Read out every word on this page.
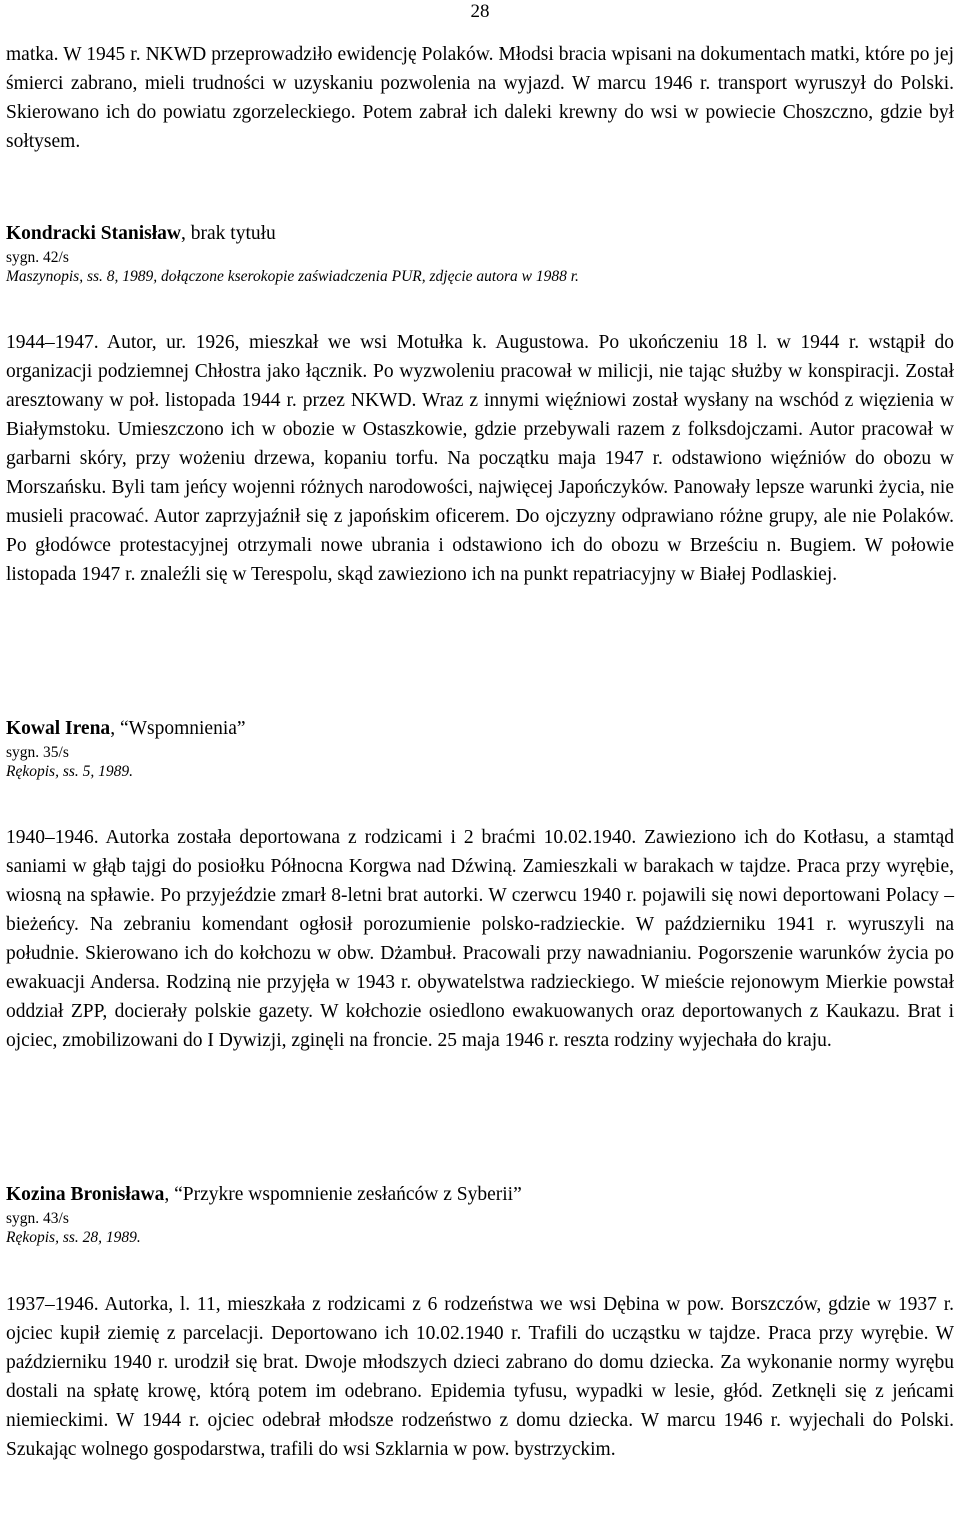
28

matka. W 1945 r. NKWD przeprowadziło ewidencję Polaków. Młodsi bracia wpisani na dokumentach matki, które po jej śmierci zabrano, mieli trudności w uzyskaniu pozwolenia na wyjazd. W marcu 1946 r. transport wyruszył do Polski. Skierowano ich do powiatu zgorzeleckiego. Potem zabrał ich daleki krewny do wsi w powiecie Choszczno, gdzie był sołtysem.

Kondracki Stanisław, brak tytułu

sygn. 42/s

Maszynopis, ss. 8, 1989, dołączone kserokopie zaświadczenia PUR, zdjęcie autora w 1988 r.

1944–1947. Autor, ur. 1926, mieszkał we wsi Motułka k. Augustowa. Po ukończeniu 18 l. w 1944 r. wstąpił do organizacji podziemnej Chłostra jako łącznik. Po wyzwoleniu pracował w milicji, nie tając służby w konspiracji. Został aresztowany w poł. listopada 1944 r. przez NKWD. Wraz z innymi więźniowi został wysłany na wschód z więzienia w Białymstoku. Umieszczono ich w obozie w Ostaszkowie, gdzie przebywali razem z folksdojczami. Autor pracował w garbarni skóry, przy wożeniu drzewa, kopaniu torfu. Na początku maja 1947 r. odstawiono więźniów do obozu w Morszańsku. Byli tam jeńcy wojenni różnych narodowości, najwięcej Japończyków. Panowały lepsze warunki życia, nie musieli pracować. Autor zaprzyjaźnił się z japońskim oficerem. Do ojczyzny odprawiano różne grupy, ale nie Polaków. Po głodówce protestacyjnej otrzymali nowe ubrania i odstawiono ich do obozu w Brześciu n. Bugiem. W połowie listopada 1947 r. znaleźli się w Terespolu, skąd zawieziono ich na punkt repatriacyjny w Białej Podlaskiej.

Kowal Irena, “Wspomnienia”

sygn. 35/s

Rękopis, ss. 5, 1989.

1940–1946. Autorka została deportowana z rodzicami i 2 braćmi 10.02.1940. Zawieziono ich do Kotłasu, a stamtąd saniami w głąb tajgi do posiołku Północna Korgwa nad Dźwiną. Zamieszkali w barakach w tajdze. Praca przy wyrębie, wiosną na spławie. Po przyjeździe zmarł 8-letni brat autorki. W czerwcu 1940 r. pojawili się nowi deportowani Polacy – bieżeńcy. Na zebraniu komendant ogłosił porozumienie polsko-radzieckie. W październiku 1941 r. wyruszyli na południe. Skierowano ich do kołchozu w obw. Dżambuł. Pracowali przy nawadnianiu. Pogorszenie warunków życia po ewakuacji Andersa. Rodziną nie przyjęła w 1943 r. obywatelstwa radzieckiego. W mieście rejonowym Mierkie powstał oddział ZPP, docierały polskie gazety. W kołchozie osiedlono ewakuowanych oraz deportowanych z Kaukazu. Brat i ojciec, zmobilizowani do I Dywizji, zginęli na froncie. 25 maja 1946 r. reszta rodziny wyjechała do kraju.

Kozina Bronisława, “Przykre wspomnienie zesłańców z Syberii”

sygn. 43/s

Rękopis, ss. 28, 1989.

1937–1946. Autorka, l. 11, mieszkała z rodzicami z 6 rodzeństwa we wsi Dębina w pow. Borszczów, gdzie w 1937 r. ojciec kupił ziemię z parcelacji. Deportowano ich 10.02.1940 r. Trafili do ucząstku w tajdze. Praca przy wyrębie. W październiku 1940 r. urodził się brat. Dwoje młodszych dzieci zabrano do domu dziecka. Za wykonanie normy wyrębu dostali na spłatę krowę, którą potem im odebrano. Epidemia tyfusu, wypadki w lesie, głód. Zetknęli się z jeńcami niemieckimi. W 1944 r. ojciec odebrał młodsze rodzeństwo z domu dziecka. W marcu 1946 r. wyjechali do Polski. Szukając wolnego gospodarstwa, trafili do wsi Szklarnia w pow. bystrzyckim.
